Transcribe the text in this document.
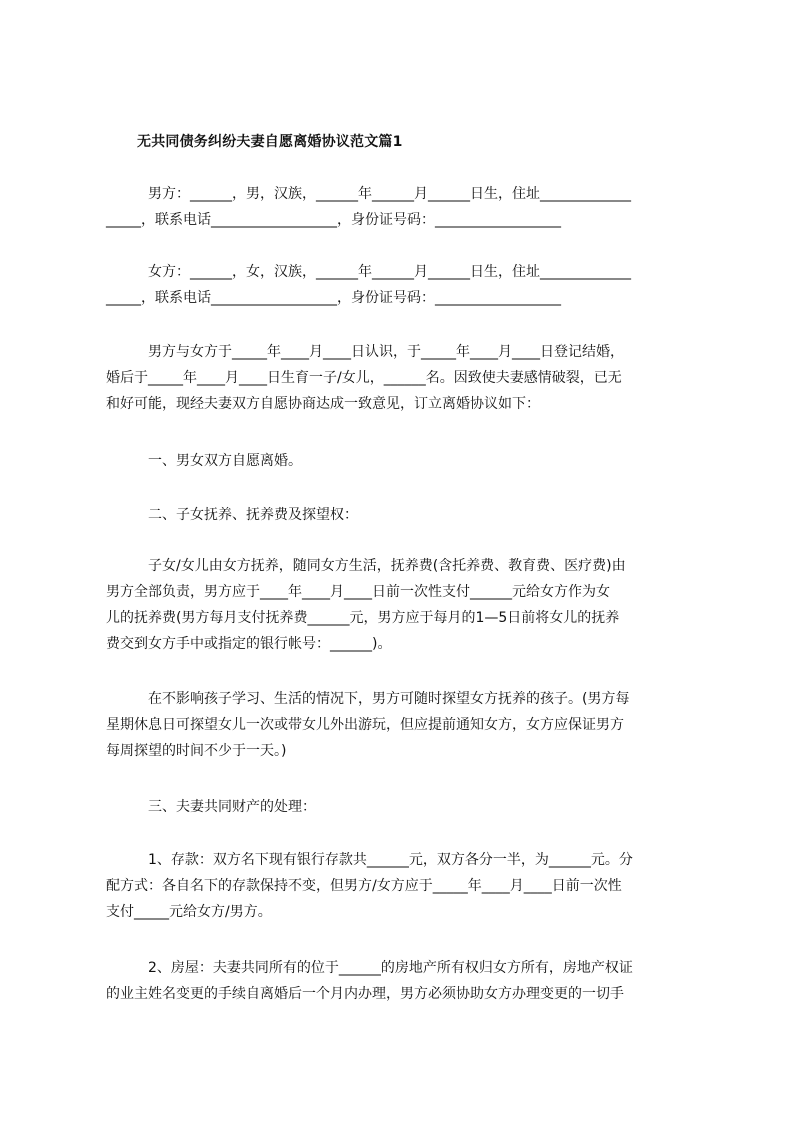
无共同债务纠纷夫妻自愿离婚协议范文篇1
男方：______，男，汉族，______年______月______日生，住址_____________
_____，联系电话__________________，身份证号码：__________________
女方：______，女，汉族，______年______月______日生，住址_____________
_____，联系电话__________________，身份证号码：__________________
男方与女方于_____年____月____日认识，于_____年____月____日登记结婚，
婚后于_____年____月____日生育一子/女儿，______名。因致使夫妻感情破裂，已无
和好可能，现经夫妻双方自愿协商达成一致意见，订立离婚协议如下：
一、男女双方自愿离婚。
二、子女抚养、抚养费及探望权：
子女/女儿由女方抚养，随同女方生活，抚养费(含托养费、教育费、医疗费)由
男方全部负责，男方应于____年____月____日前一次性支付______元给女方作为女
儿的抚养费(男方每月支付抚养费______元，男方应于每月的1—5日前将女儿的抚养
费交到女方手中或指定的银行帐号：______)。
在不影响孩子学习、生活的情况下，男方可随时探望女方抚养的孩子。(男方每
星期休息日可探望女儿一次或带女儿外出游玩，但应提前通知女方，女方应保证男方
每周探望的时间不少于一天。)
三、夫妻共同财产的处理：
1、存款：双方名下现有银行存款共______元，双方各分一半，为______元。分
配方式：各自名下的存款保持不变，但男方/女方应于_____年____月____日前一次性
支付_____元给女方/男方。
2、房屋：夫妻共同所有的位于______的房地产所有权归女方所有，房地产权证
的业主姓名变更的手续自离婚后一个月内办理，男方必须协助女方办理变更的一切手
